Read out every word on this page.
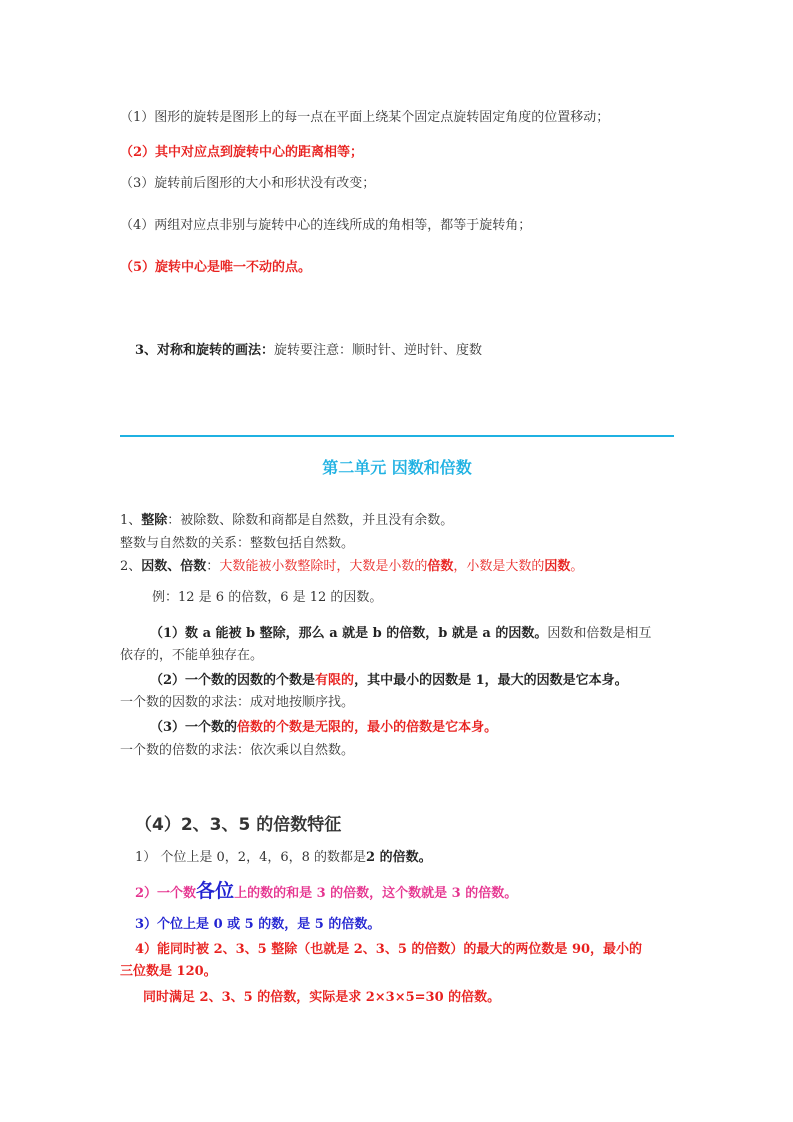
（1）图形的旋转是图形上的每一点在平面上绕某个固定点旋转固定角度的位置移动；
（2）其中对应点到旋转中心的距离相等；
（3）旋转前后图形的大小和形状没有改变；
（4）两组对应点非别与旋转中心的连线所成的角相等，都等于旋转角；
（5）旋转中心是唯一不动的点。
3、对称和旋转的画法：旋转要注意：顺时针、逆时针、度数
第二单元 因数和倍数
1、整除：被除数、除数和商都是自然数，并且没有余数。
整数与自然数的关系：整数包括自然数。
2、因数、倍数：大数能被小数整除时，大数是小数的倍数，小数是大数的因数。
例：12 是 6 的倍数，6 是 12 的因数。
（1）数 a 能被 b 整除，那么 a 就是 b 的倍数，b 就是 a 的因数。因数和倍数是相互
依存的，不能单独存在。
（2）一个数的因数的个数是有限的，其中最小的因数是 1，最大的因数是它本身。
一个数的因数的求法：成对地按顺序找。
（3）一个数的倍数的个数是无限的，最小的倍数是它本身。
一个数的倍数的求法：依次乘以自然数。
（4）2、3、5 的倍数特征
1） 个位上是 0，2，4，6，8 的数都是2 的倍数。
2）一个数各位上的数的和是 3 的倍数，这个数就是 3 的倍数。
3）个位上是 0 或 5 的数，是 5 的倍数。
4）能同时被 2、3、5 整除（也就是 2、3、5 的倍数）的最大的两位数是 90，最小的
三位数是 120。
同时满足 2、3、5 的倍数，实际是求 2×3×5=30 的倍数。
